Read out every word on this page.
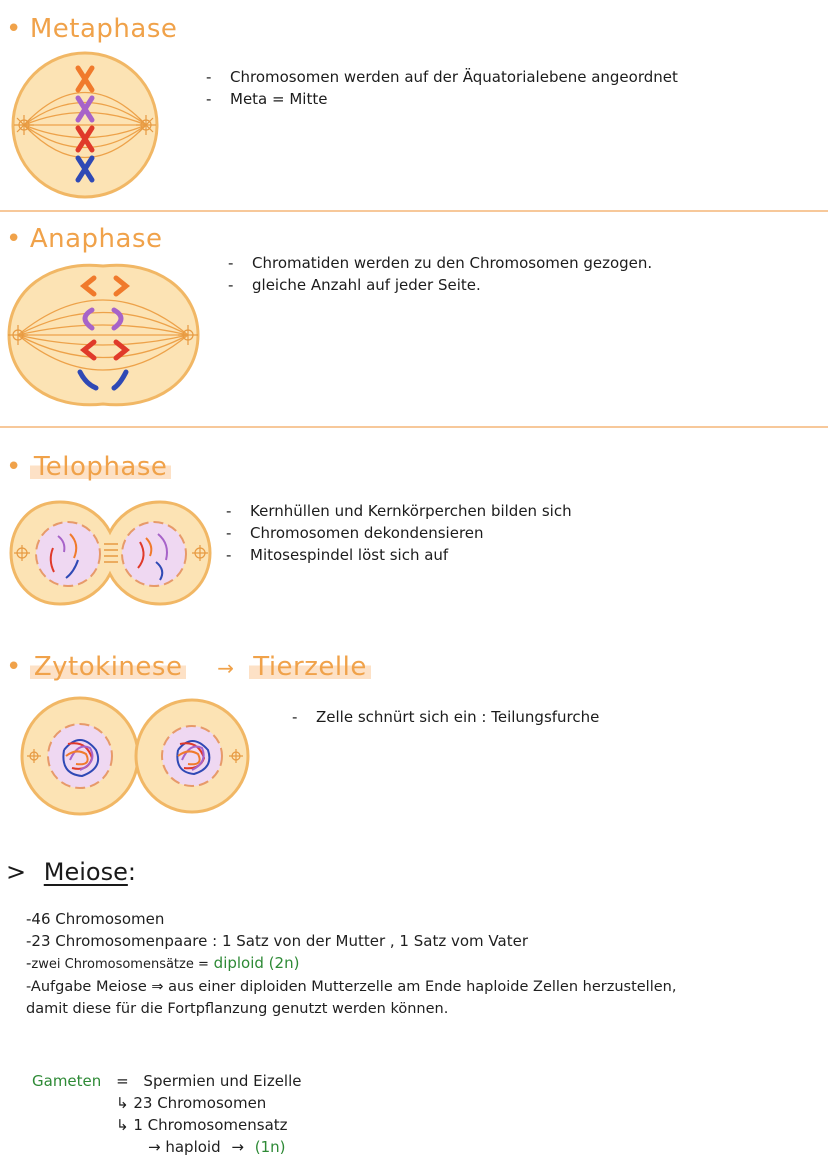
• Metaphase
- Chromosomen werden auf der Äquatorialebene angeordnet
- Meta = Mitte
• Anaphase
- Chromatiden werden zu den Chromosomen gezogen.
- gleiche Anzahl auf jeder Seite.
• Telophase
- Kernhüllen und Kernkörperchen bilden sich
- Chromosomen dekondensieren
- Mitosespindel löst sich auf
• Zytokinese → Tierzelle
- Zelle schnürt sich ein : Teilungsfurche
> Meiose:
-46 Chromosomen
-23 Chromosomenpaare : 1 Satz von der Mutter , 1 Satz vom Vater
-zwei Chromosomensätze = diploid (2n)
-Aufgabe Meiose ⇒ aus einer diploiden Mutterzelle am Ende haploide Zellen herzustellen,
damit diese für die Fortpflanzung genutzt werden können.
Gameten = Spermien und Eizelle
↳ 23 Chromosomen
↳ 1 Chromosomensatz
→ haploid → (1n)
